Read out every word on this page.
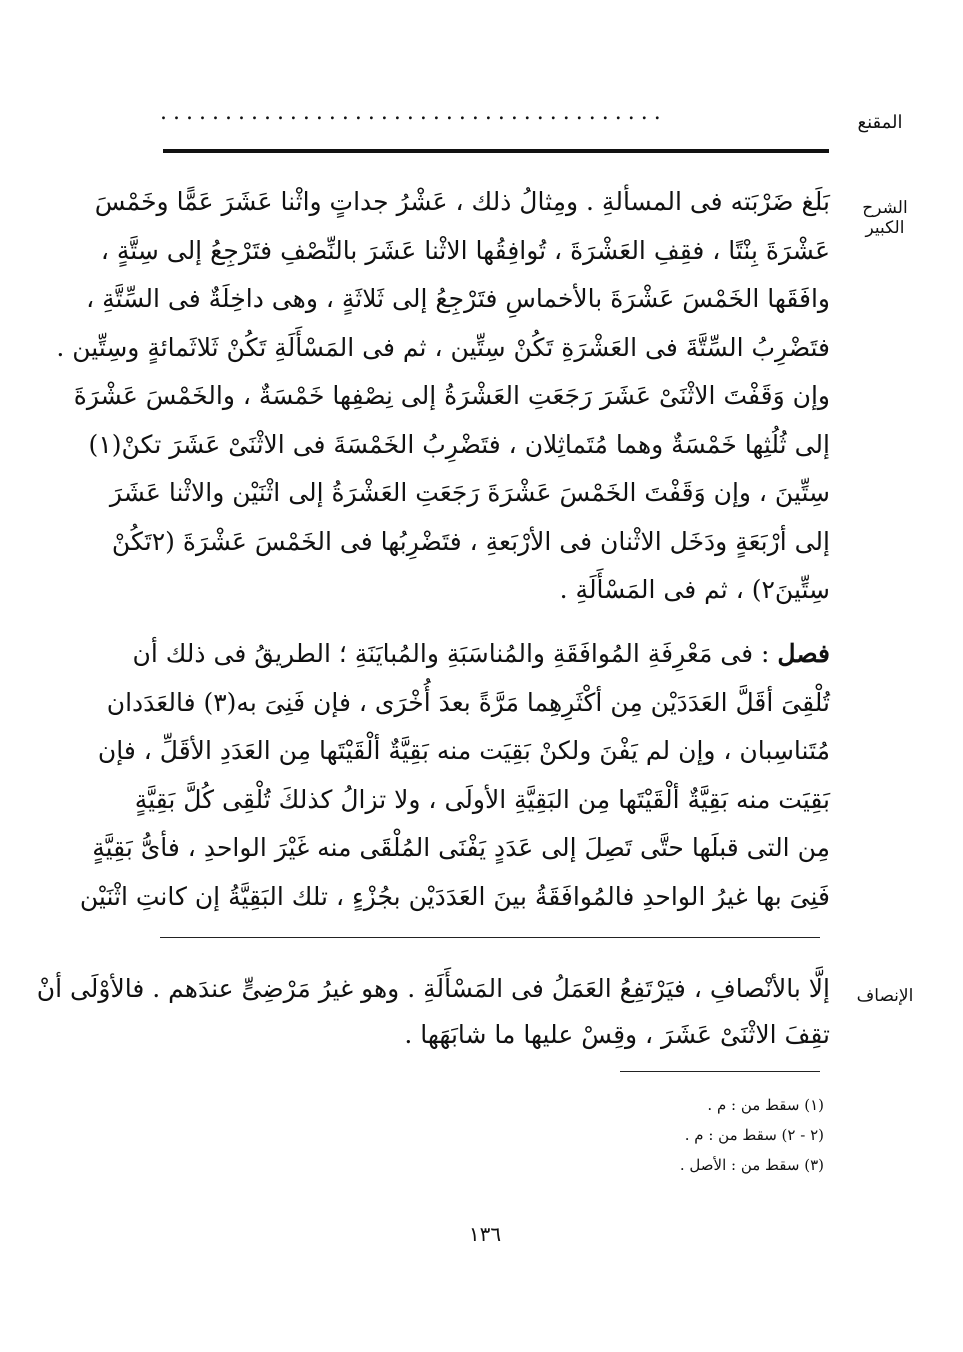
المقنع
.......................................
الشرح الكبير
بَلَغ ضَرْبَته فى المسألةِ . ومِثالُ ذلك ، عَشْرُ جداتٍ واثْنا عَشَرَ عَمًّا وخَمْسَ
عَشْرَةَ بِنْتًا ، فقِفِ العَشْرَةَ ، تُوافِقُها الاثْنا عَشَرَ بالنِّصْفِ فتَرْجِعُ إلى سِتَّةٍ ،
وافَقَها الخَمْسَ عَشْرَةَ بالأخماسِ فتَرْجِعُ إلى ثَلاثَةٍ ، وهى داخِلَةٌ فى السِّتَّةِ ،
فتَضْرِبُ السِّتَّةَ فى العَشْرَةِ تَكُنْ سِتِّين ، ثم فى المَسْأَلَةِ تَكُنْ ثَلاثَمائةٍ وسِتِّين .
وإن وَقَفْتَ الاثْنَىْ عَشَرَ رَجَعَتِ العَشْرَةُ إلى نِصْفِها خَمْسَةٌ ، والخَمْسَ عَشْرَةَ
إلى ثُلُثِها خَمْسَةٌ وهما مُتَماثِلان ، فتَضْرِبُ الخَمْسَةَ فى الاثْنَىْ عَشَرَ تكنْ(١)
سِتِّينَ ، وإن وَقَفْتَ الخَمْسَ عَشْرَةَ رَجَعَتِ العَشْرَةُ إلى اثْنَيْن والاثْنا عَشَرَ
إلى أرْبَعَةٍ ودَخَل الاثْنان فى الأرْبَعةِ ، فتَضْرِبُها فى الخَمْسَ عَشْرَةَ (٢تَكُنْ
سِتِّينَ٢) ، ثم فى المَسْأَلَةِ .
فصل : فى مَعْرِفَةِ المُوافَقَةِ والمُناسَبَةِ والمُبايَنَةِ ؛ الطريقُ فى ذلك أن
تُلْقِىَ أقَلَّ العَدَدَيْن مِن أكْثَرِهِما مَرَّةً بعدَ أُخْرَى ، فإن فَنِىَ به(٣) فالعَدَدان
مُتَناسِبان ، وإن لم يَفْنَ ولكنْ بَقِيَت منه بَقِيَّةٌ ألْقَيْتَها مِن العَدَدِ الأقَلِّ ، فإن
بَقِيَت منه بَقِيَّةٌ ألْقَيْتَها مِن البَقِيَّةِ الأولَى ، ولا تزالُ كذلكَ تُلْقِى كُلَّ بَقِيَّةٍ
مِن التى قبلَها حتَّى تَصِلَ إلى عَدَدٍ يَفْنَى المُلْقَى منه غَيْرَ الواحدِ ، فأىُّ بَقِيَّةٍ
فَنِىَ بها غيرُ الواحدِ فالمُوافَقَةُ بينَ العَدَدَيْن بجُزْءٍ ، تلك البَقِيَّةُ إن كانتِ اثْنَيْن
الإنصاف
إلَّا بالأنْصافِ ، فيَرْتَفِعُ العَمَلُ فى المَسْأَلَةِ . وهو غيرُ مَرْضِىٍّ عندَهم . فالأوْلَى أنْ
تقِفَ الاثْنَىْ عَشَرَ ، وقِسْ عليها ما شابَهَها .
(١) سقط من : م .
(٢ - ٢) سقط من : م .
(٣) سقط من : الأصل .
١٣٦
